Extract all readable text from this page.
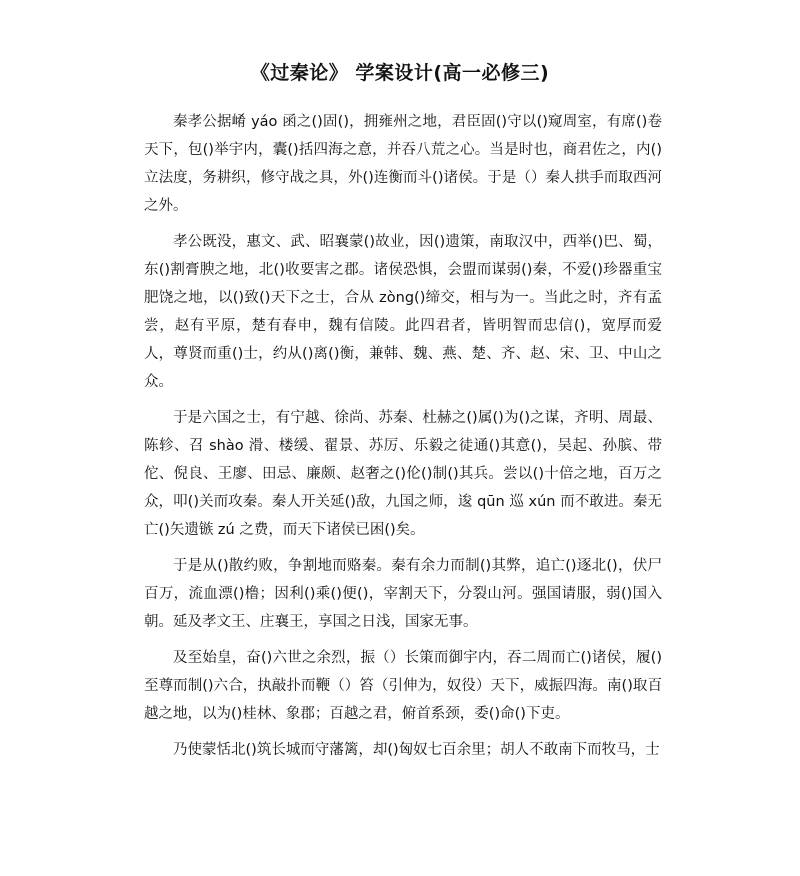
《过秦论》 学案设计(高一必修三)

秦孝公据崤 yáo 函之()固()，拥雍州之地，君臣固()守以()窥周室，有席()卷天下，包()举宇内，囊()括四海之意，并吞八荒之心。当是时也，商君佐之，内()立法度，务耕织，修守战之具，外()连衡而斗()诸侯。于是（）秦人拱手而取西河之外。

孝公既没，惠文、武、昭襄蒙()故业，因()遗策，南取汉中，西举()巴、蜀，东()割膏腴之地，北()收要害之郡。诸侯恐惧，会盟而谋弱()秦，不爱()珍器重宝肥饶之地，以()致()天下之士，合从 zòng()缔交，相与为一。当此之时，齐有孟尝，赵有平原，楚有春申，魏有信陵。此四君者，皆明智而忠信()，宽厚而爱人，尊贤而重()士，约从()离()衡，兼韩、魏、燕、楚、齐、赵、宋、卫、中山之众。

于是六国之士，有宁越、徐尚、苏秦、杜赫之()属()为()之谋，齐明、周最、陈轸、召 shào 滑、楼缓、翟景、苏厉、乐毅之徒通()其意()，吴起、孙膑、带佗、倪良、王廖、田忌、廉颇、赵奢之()伦()制()其兵。尝以()十倍之地，百万之众，叩()关而攻秦。秦人开关延()敌，九国之师，逡 qūn 巡 xún 而不敢进。秦无亡()矢遗镞 zú 之费，而天下诸侯已困()矣。

于是从()散约败，争割地而赂秦。秦有余力而制()其弊，追亡()逐北()，伏尸百万，流血漂()橹；因利()乘()便()，宰割天下，分裂山河。强国请服，弱()国入朝。延及孝文王、庄襄王，享国之日浅，国家无事。

及至始皇，奋()六世之余烈，振（）长策而御宇内，吞二周而亡()诸侯，履()至尊而制()六合，执敲扑而鞭（）笞（引伸为，奴役）天下，威振四海。南()取百越之地，以为()桂林、象郡；百越之君，俯首系颈，委()命()下吏。

乃使蒙恬北()筑长城而守藩篱，却()匈奴七百余里；胡人不敢南下而牧马，士
